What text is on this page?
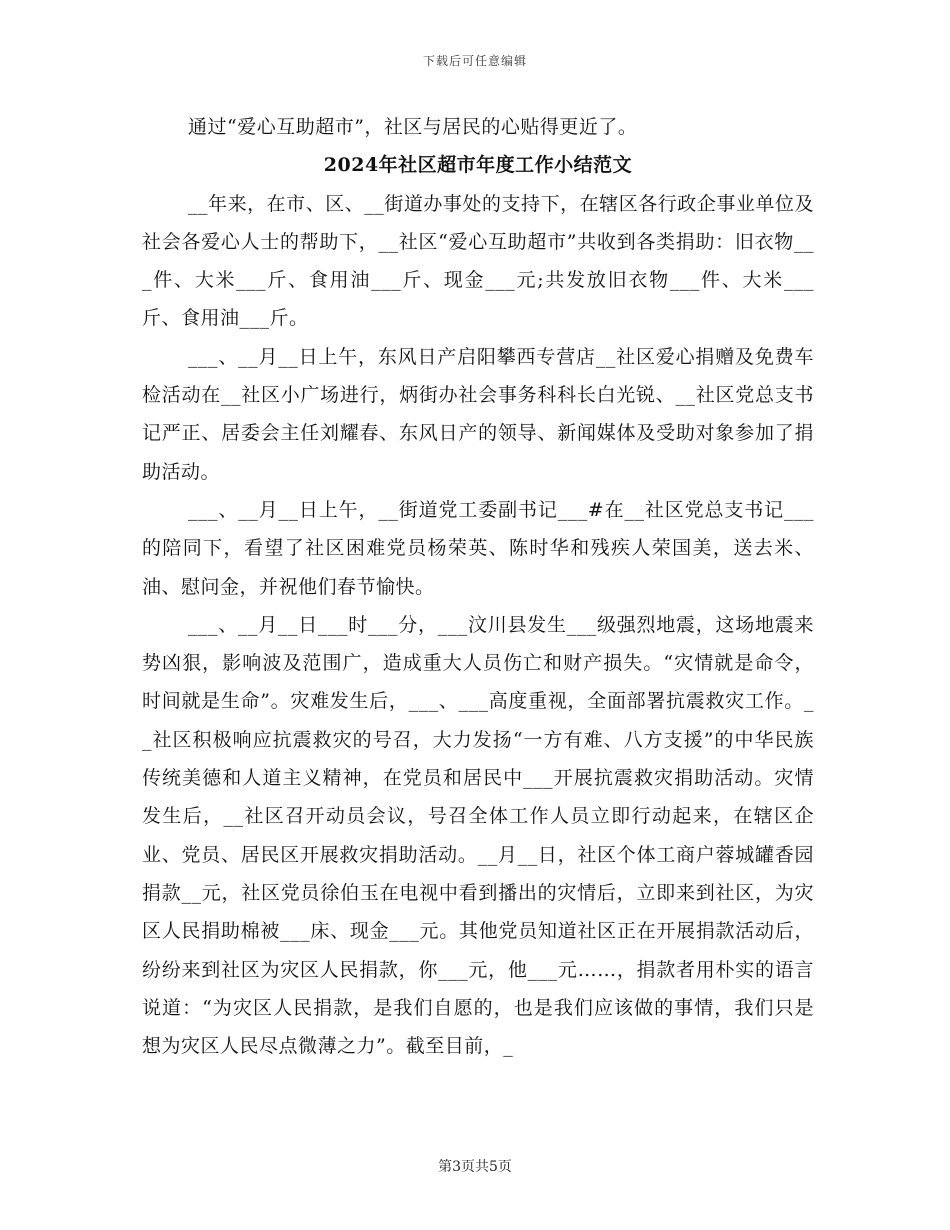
下载后可任意编辑

通过“爱心互助超市”，社区与居民的心贴得更近了。

2024年社区超市年度工作小结范文

__年来，在市、区、__街道办事处的支持下，在辖区各行政企事业单位及社会各爱心人士的帮助下，__社区“爱心互助超市”共收到各类捐助：旧衣物___件、大米___斤、食用油___斤、现金___元;共发放旧衣物___件、大米___斤、食用油___斤。

___、__月__日上午，东风日产启阳攀西专营店__社区爱心捐赠及免费车检活动在__社区小广场进行，炳街办社会事务科科长白光锐、__社区党总支书记严正、居委会主任刘耀春、东风日产的领导、新闻媒体及受助对象参加了捐助活动。

___、__月__日上午，__街道党工委副书记___#在__社区党总支书记___的陪同下，看望了社区困难党员杨荣英、陈时华和残疾人荣国美，送去米、油、慰问金，并祝他们春节愉快。

___、__月__日___时___分，___汶川县发生___级强烈地震，这场地震来势凶狠，影响波及范围广，造成重大人员伤亡和财产损失。“灾情就是命令，时间就是生命”。灾难发生后，___、___高度重视，全面部署抗震救灾工作。__社区积极响应抗震救灾的号召，大力发扬“一方有难、八方支援”的中华民族传统美德和人道主义精神，在党员和居民中___开展抗震救灾捐助活动。灾情发生后，__社区召开动员会议，号召全体工作人员立即行动起来，在辖区企业、党员、居民区开展救灾捐助活动。__月__日，社区个体工商户蓉城罐香园捐款__元，社区党员徐伯玉在电视中看到播出的灾情后，立即来到社区，为灾区人民捐助棉被___床、现金___元。其他党员知道社区正在开展捐款活动后，纷纷来到社区为灾区人民捐款，你___元，他___元……，捐款者用朴实的语言说道：“为灾区人民捐款，是我们自愿的，也是我们应该做的事情，我们只是想为灾区人民尽点微薄之力”。截至目前，_

第3页共5页
